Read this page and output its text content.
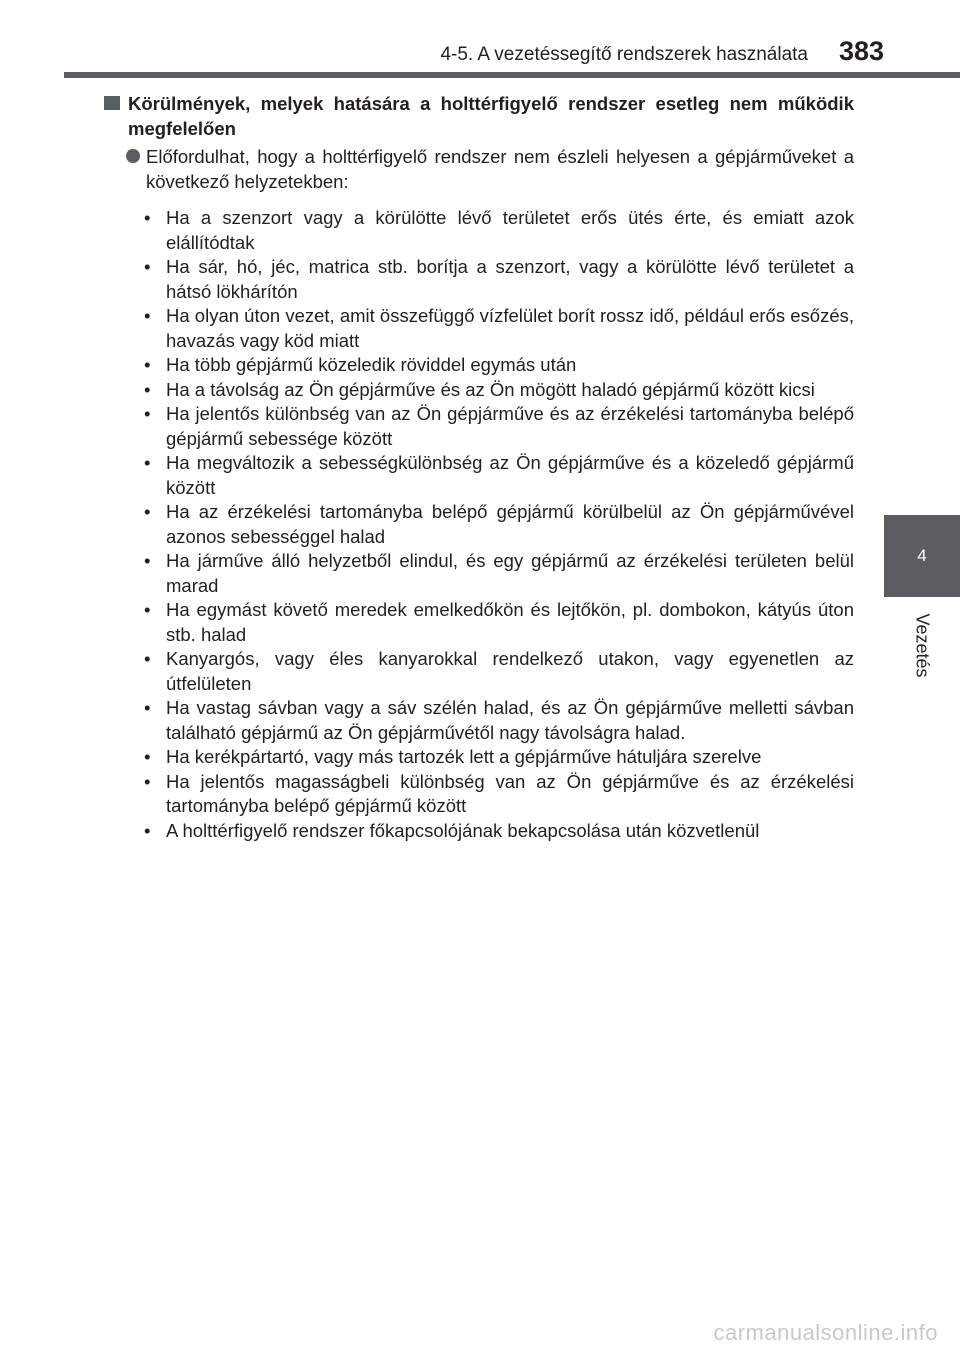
4-5. A vezetéssegítő rendszerek használata 383
4
Vezetés
Körülmények, melyek hatására a holttérfigyelő rendszer esetleg nem működik megfelelően
Előfordulhat, hogy a holttérfigyelő rendszer nem észleli helyesen a gépjárműveket a következő helyzetekben:
• Ha a szenzort vagy a körülötte lévő területet erős ütés érte, és emiatt azok elállítódtak
• Ha sár, hó, jéc, matrica stb. borítja a szenzort, vagy a körülötte lévő területet a hátsó lökhárítón
• Ha olyan úton vezet, amit összefüggő vízfelület borít rossz idő, például erős esőzés, havazás vagy köd miatt
• Ha több gépjármű közeledik röviddel egymás után
• Ha a távolság az Ön gépjárműve és az Ön mögött haladó gépjármű között kicsi
• Ha jelentős különbség van az Ön gépjárműve és az érzékelési tartományba belépő gépjármű sebessége között
• Ha megváltozik a sebességkülönbség az Ön gépjárműve és a közeledő gépjármű között
• Ha az érzékelési tartományba belépő gépjármű körülbelül az Ön gépjárművével azonos sebességgel halad
• Ha járműve álló helyzetből elindul, és egy gépjármű az érzékelési területen belül marad
• Ha egymást követő meredek emelkedőkön és lejtőkön, pl. dombokon, kátyús úton stb. halad
• Kanyargós, vagy éles kanyarokkal rendelkező utakon, vagy egyenetlen az útfelületen
• Ha vastag sávban vagy a sáv szélén halad, és az Ön gépjárműve melletti sávban található gépjármű az Ön gépjárművétől nagy távolságra halad.
• Ha kerékpártartó, vagy más tartozék lett a gépjárműve hátuljára szerelve
• Ha jelentős magasságbeli különbség van az Ön gépjárműve és az érzékelési tartományba belépő gépjármű között
• A holttérfigyelő rendszer főkapcsolójának bekapcsolása után közvetlenül
carmanualsonline.info
